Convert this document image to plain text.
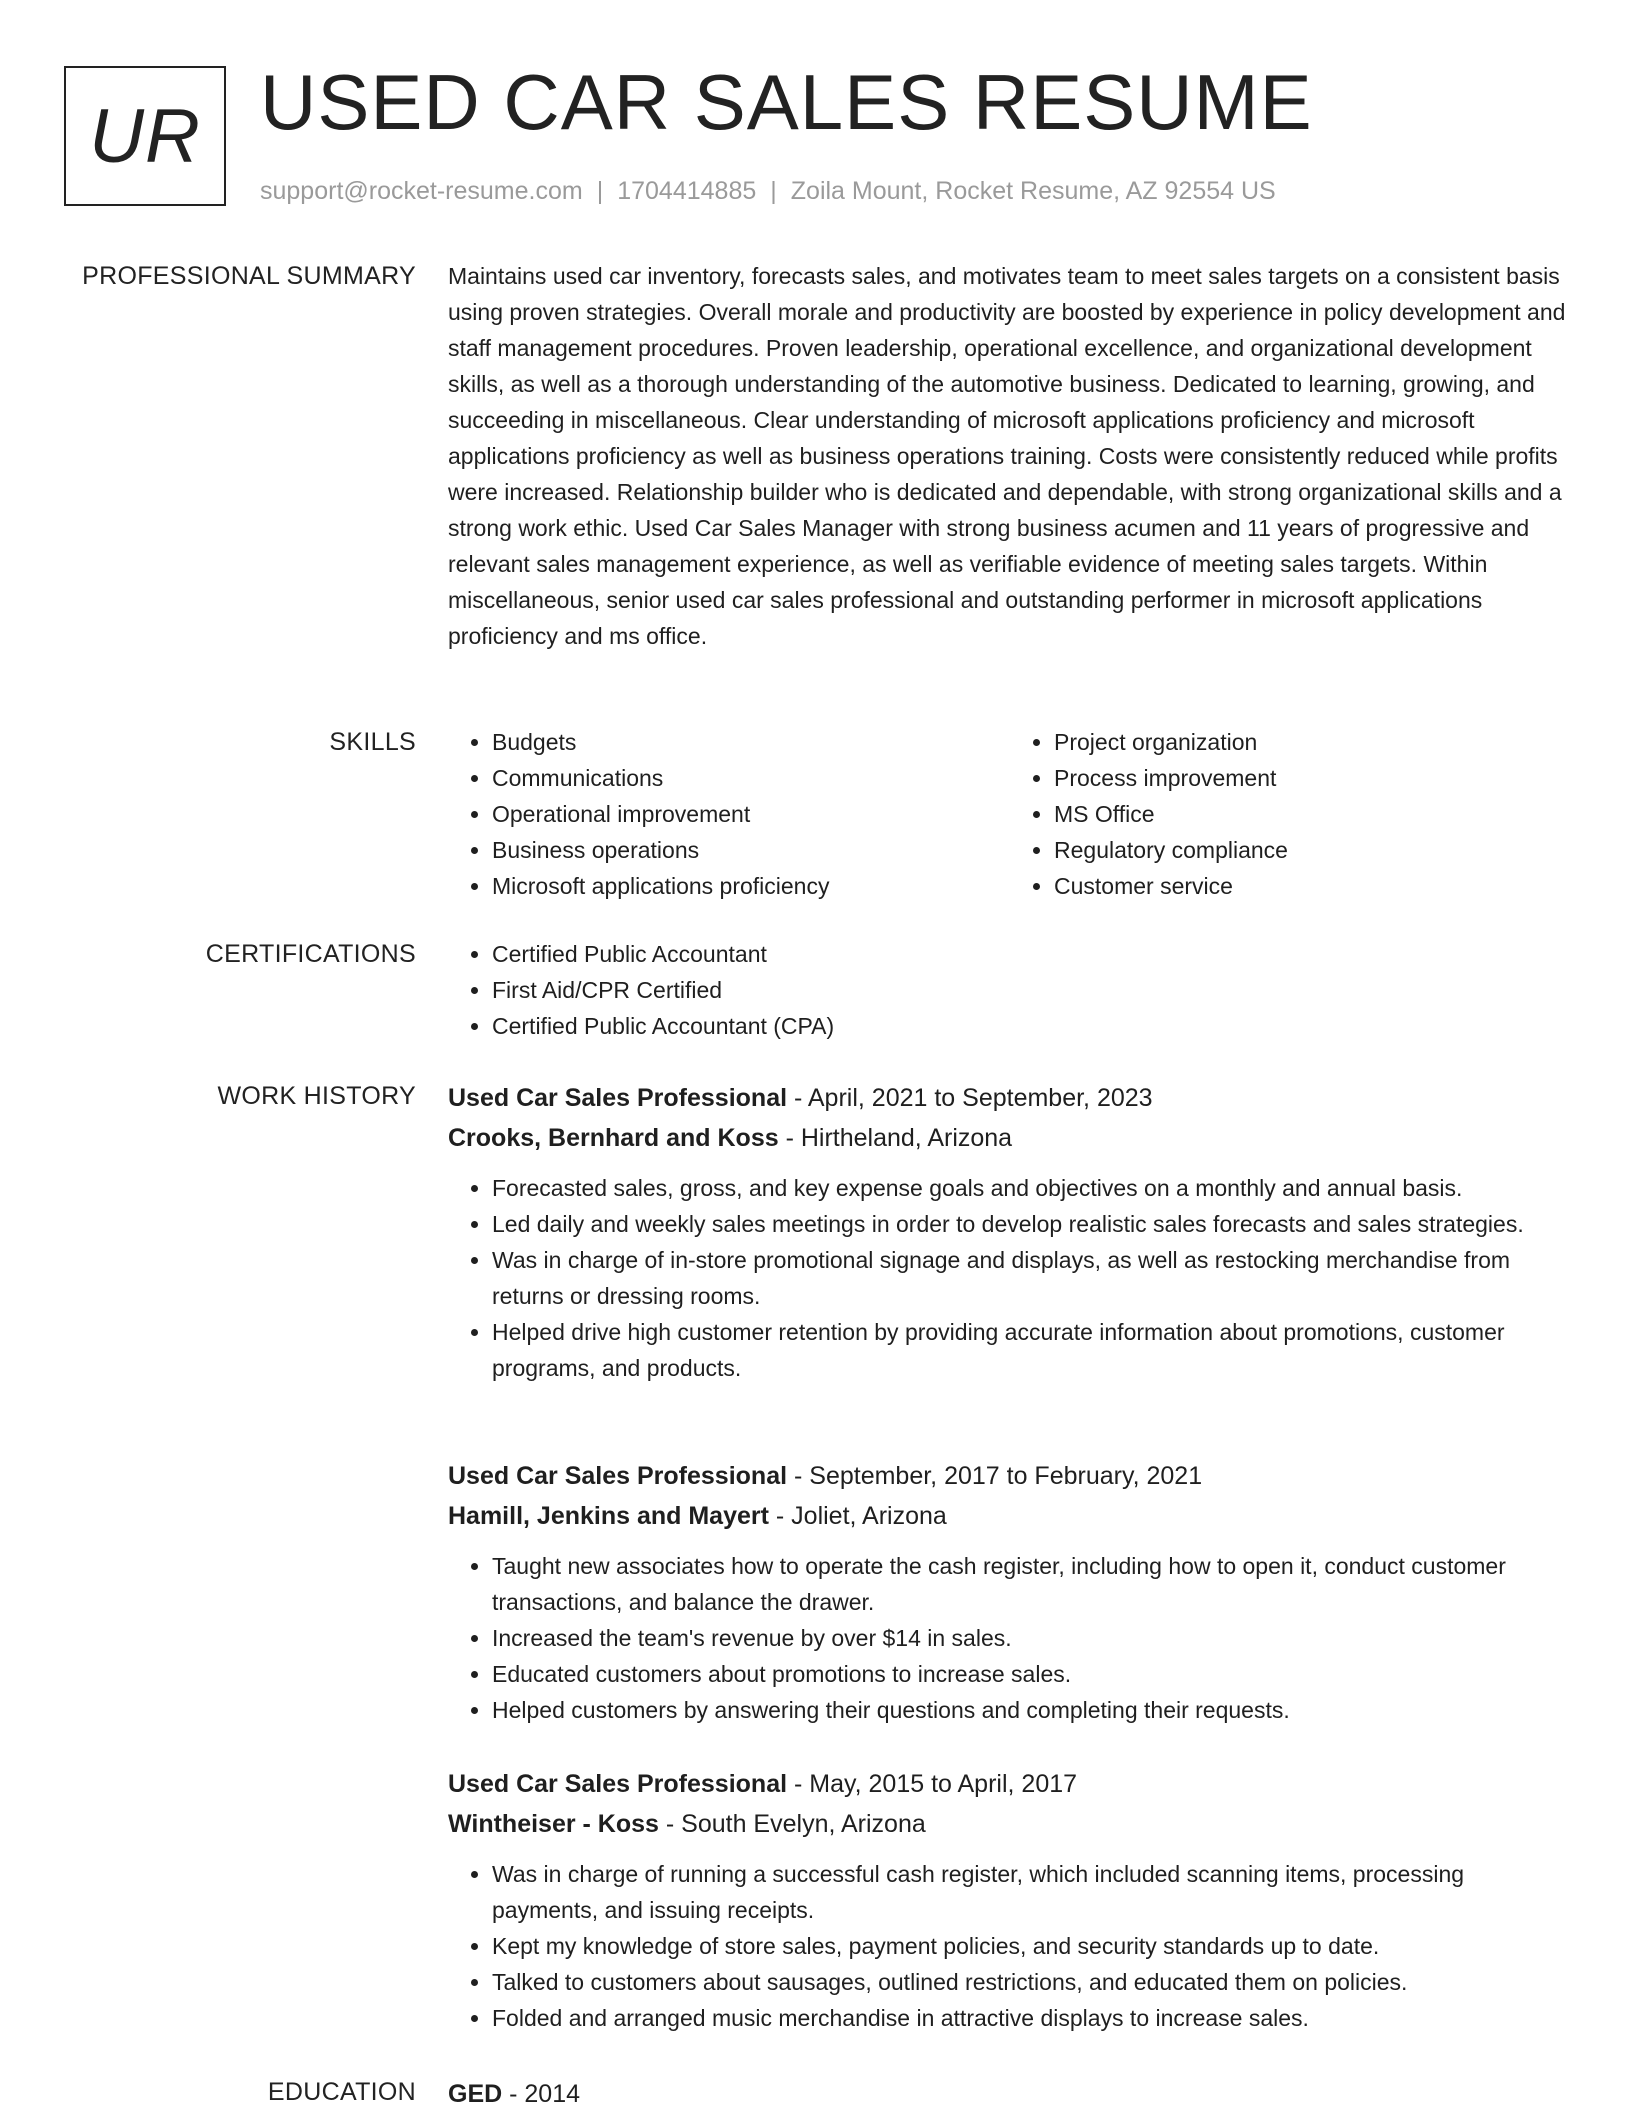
UR USED CAR SALES RESUME
support@rocket-resume.com | 1704414885 | Zoila Mount, Rocket Resume, AZ 92554 US
PROFESSIONAL SUMMARY Maintains used car inventory, forecasts sales, and motivates team to meet sales targets on a consistent basis using proven strategies. Overall morale and productivity are boosted by experience in policy development and staff management procedures. Proven leadership, operational excellence, and organizational development skills, as well as a thorough understanding of the automotive business. Dedicated to learning, growing, and succeeding in miscellaneous. Clear understanding of microsoft applications proficiency and microsoft applications proficiency as well as business operations training. Costs were consistently reduced while profits were increased. Relationship builder who is dedicated and dependable, with strong organizational skills and a strong work ethic. Used Car Sales Manager with strong business acumen and 11 years of progressive and relevant sales management experience, as well as verifiable evidence of meeting sales targets. Within miscellaneous, senior used car sales professional and outstanding performer in microsoft applications proficiency and ms office.

SKILLS	• Budgets
• Communications
• Operational improvement
• Business operations
• Microsoft applications proficiency
• Project organization
• Process improvement
• MS Office
• Regulatory compliance
• Customer service
CERTIFICATIONS	• Certified Public Accountant
• First Aid/CPR Certified
• Certified Public Accountant (CPA)
WORK HISTORY Used Car Sales Professional - April, 2021 to September, 2023
Crooks, Bernhard and Koss - Hirtheland, Arizona
• Forecasted sales, gross, and key expense goals and objectives on a monthly and annual basis.
• Led daily and weekly sales meetings in order to develop realistic sales forecasts and sales strategies.
• Was in charge of in-store promotional signage and displays, as well as restocking merchandise from returns or dressing rooms.
• Helped drive high customer retention by providing accurate information about promotions, customer programs, and products.
Used Car Sales Professional - September, 2017 to February, 2021
Hamill, Jenkins and Mayert - Joliet, Arizona
• Taught new associates how to operate the cash register, including how to open it, conduct customer transactions, and balance the drawer.
• Increased the team's revenue by over $14 in sales.
• Educated customers about promotions to increase sales.
• Helped customers by answering their questions and completing their requests.
Used Car Sales Professional - May, 2015 to April, 2017
Wintheiser - Koss - South Evelyn, Arizona
• Was in charge of running a successful cash register, which included scanning items, processing payments, and issuing receipts.
• Kept my knowledge of store sales, payment policies, and security standards up to date.
• Talked to customers about sausages, outlined restrictions, and educated them on policies.
• Folded and arranged music merchandise in attractive displays to increase sales.
EDUCATION GED - 2014
